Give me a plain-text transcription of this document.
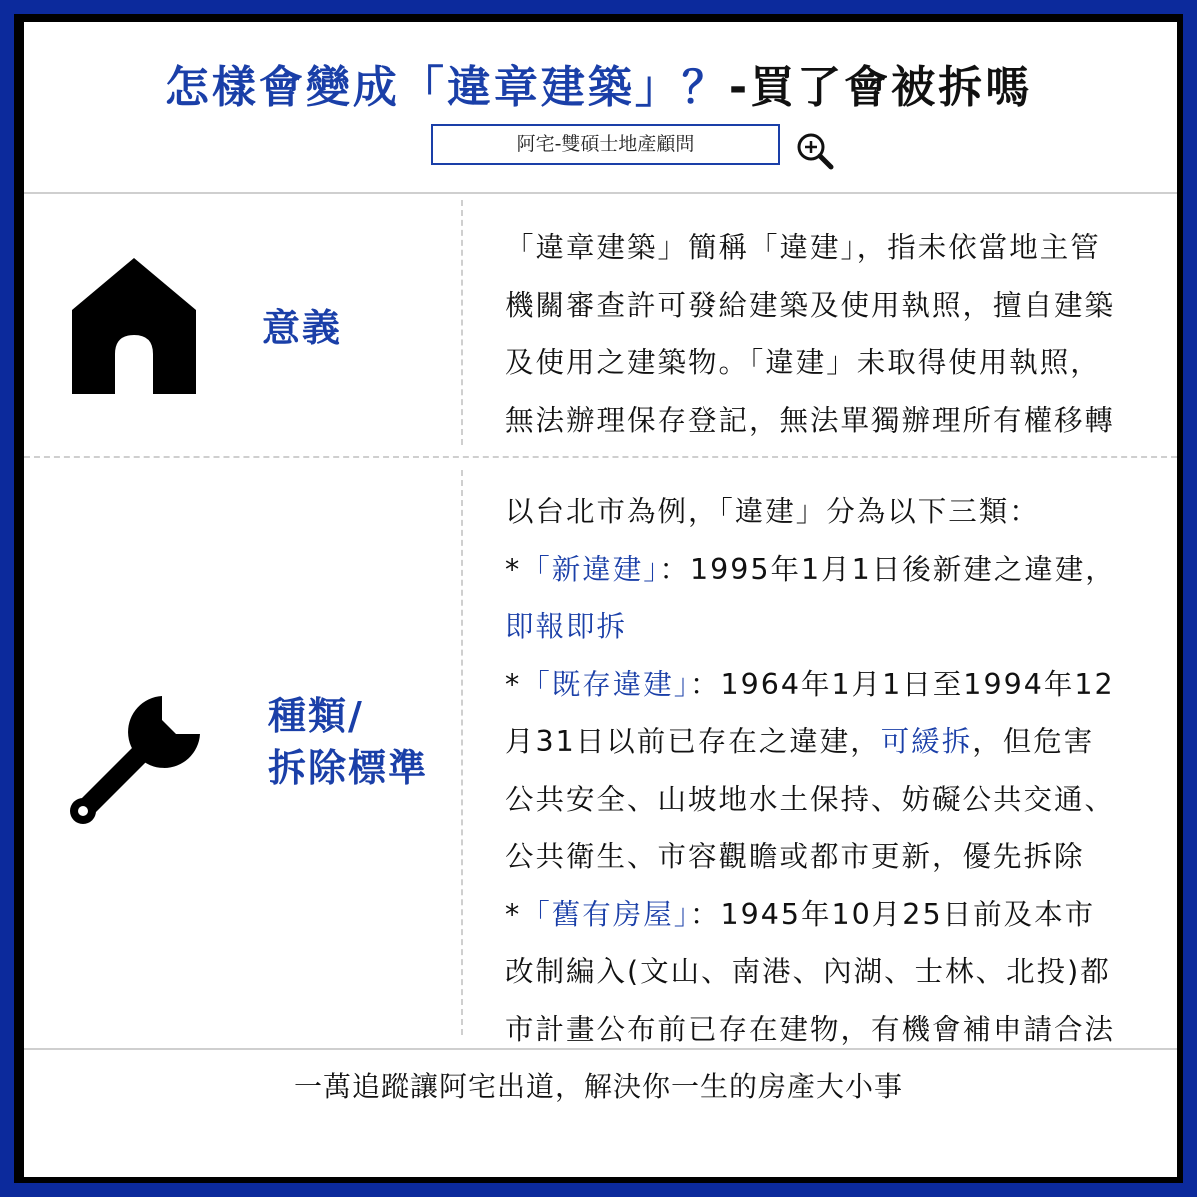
怎樣會變成「違章建築」？-買了會被拆嗎
阿宅-雙碩士地產顧問
意義
「違章建築」簡稱「違建」，指未依當地主管
機關審查許可發給建築及使用執照，擅自建築
及使用之建築物。「違建」未取得使用執照，
無法辦理保存登記，無法單獨辦理所有權移轉
種類/
拆除標準
以台北市為例，「違建」分為以下三類：
*「新違建」：1995年1月1日後新建之違建，
即報即拆
*「既存違建」：1964年1月1日至1994年12
月31日以前已存在之違建，可緩拆，但危害
公共安全、山坡地水土保持、妨礙公共交通、
公共衛生、市容觀瞻或都市更新，優先拆除
*「舊有房屋」：1945年10月25日前及本市
改制編入(文山、南港、內湖、士林、北投)都
市計畫公布前已存在建物，有機會補申請合法
一萬追蹤讓阿宅出道，解決你一生的房產大小事
